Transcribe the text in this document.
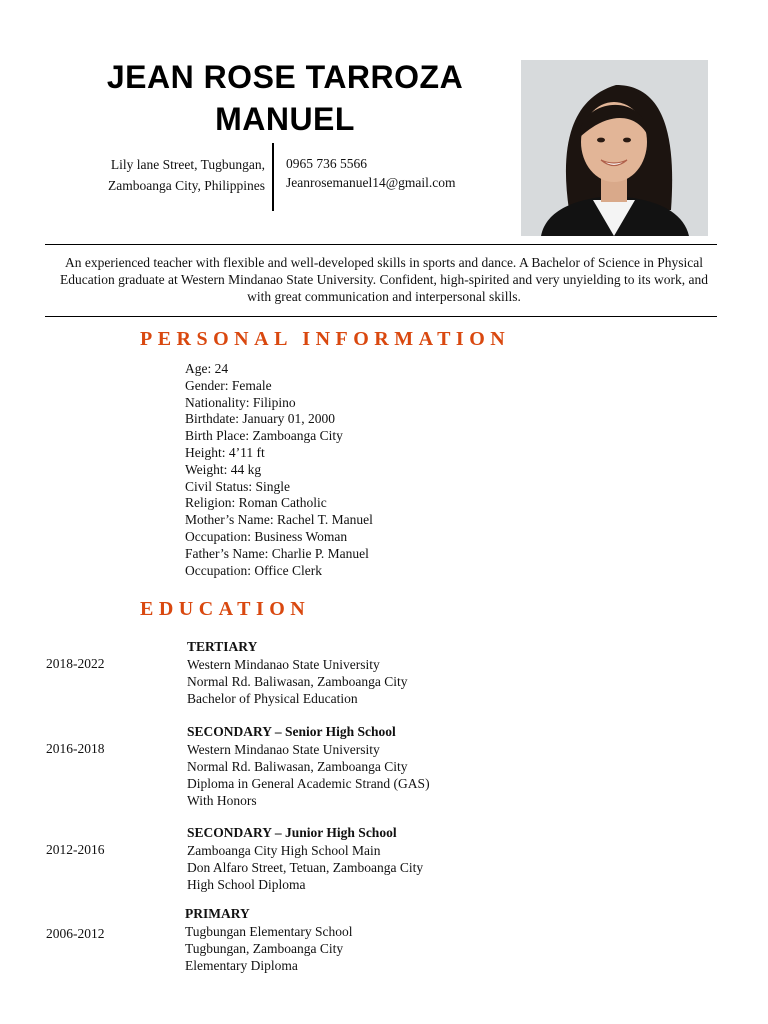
JEAN ROSE TARROZA
MANUEL
Lily lane Street, Tugbungan,
Zamboanga City, Philippines
0965 736 5566
Jeanrosemanuel14@gmail.com
An experienced teacher with flexible and well-developed skills in sports and dance. A Bachelor of Science in Physical Education graduate at Western Mindanao State University. Confident, high-spirited and very unyielding to its work, and with great communication and interpersonal skills.
PERSONAL INFORMATION
Age: 24
Gender: Female
Nationality: Filipino
Birthdate: January 01, 2000
Birth Place: Zamboanga City
Height: 4’11 ft
Weight: 44 kg
Civil Status: Single
Religion: Roman Catholic
Mother’s Name: Rachel T. Manuel
Occupation: Business Woman
Father’s Name: Charlie P. Manuel
Occupation: Office Clerk
EDUCATION
2018-2022
TERTIARY
Western Mindanao State University
Normal Rd. Baliwasan, Zamboanga City
Bachelor of Physical Education
2016-2018
SECONDARY – Senior High School
Western Mindanao State University
Normal Rd. Baliwasan, Zamboanga City
Diploma in General Academic Strand (GAS)
With Honors
2012-2016
SECONDARY – Junior High School
Zamboanga City High School Main
Don Alfaro Street, Tetuan, Zamboanga City
High School Diploma
2006-2012
PRIMARY
Tugbungan Elementary School
Tugbungan, Zamboanga City
Elementary Diploma
